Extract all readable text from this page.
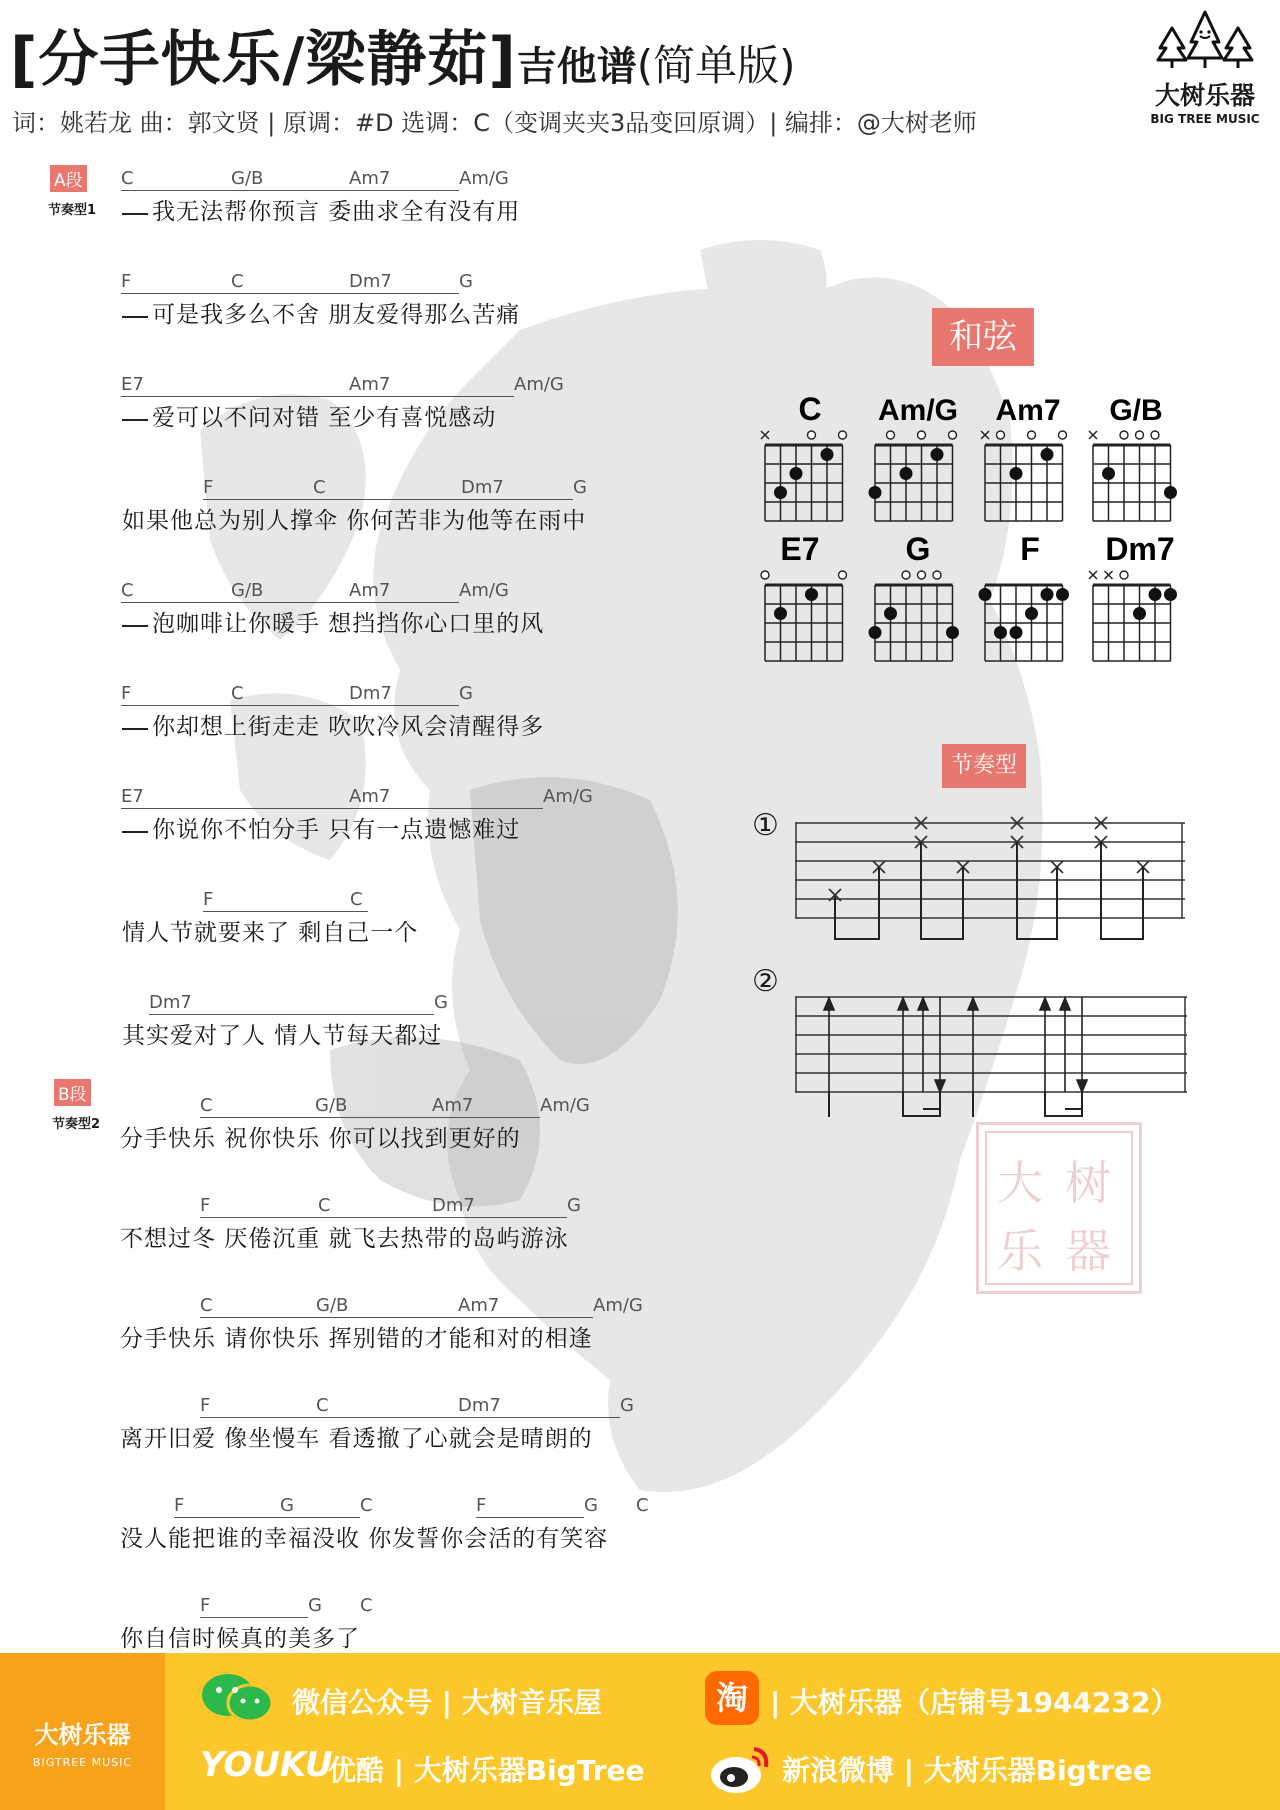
[分手快乐/梁静茹]吉他谱(简单版)
词：姚若龙 曲：郭文贤 | 原调：#D 选调：C（变调夹夹3品变回原调）| 编排：@大树老师
大树乐器
BIG TREE MUSIC
A段
节奏型1
B段
节奏型2
C	G/B	Am7	Am/G
我无法帮你预言 委曲求全有没有用
F	C	Dm7	G
可是我多么不舍 朋友爱得那么苦痛
E7	Am7	Am/G
爱可以不问对错 至少有喜悦感动
F	C	Dm7	G
如果他总为别人撑伞 你何苦非为他等在雨中
C	G/B	Am7	Am/G
泡咖啡让你暖手 想挡挡你心口里的风
F	C	Dm7	G
你却想上街走走 吹吹冷风会清醒得多
E7	Am7	Am/G
你说你不怕分手 只有一点遗憾难过
F	C
情人节就要来了 剩自己一个
Dm7	G
其实爱对了人 情人节每天都过
C	G/B	Am7	Am/G
分手快乐 祝你快乐 你可以找到更好的
F	C	Dm7	G
不想过冬 厌倦沉重 就飞去热带的岛屿游泳
C	G/B	Am7	Am/G
分手快乐 请你快乐 挥别错的才能和对的相逢
F	C	Dm7	G
离开旧爱 像坐慢车 看透撤了心就会是晴朗的
F	G	C	F	G C
没人能把谁的幸福没收 你发誓你会活的有笑容
F	G C
你自信时候真的美多了
和弦
C Am/G Am7 G/B
E7	G	F Dm7
节奏型
①
②
大 树
乐 器
大树乐器
BIGTREE MUSIC
微信公众号 | 大树音乐屋	淘 | 大树乐器（店铺号1944232）
YOUKU
优酷 | 大树乐器BigTree	新浪微博 | 大树乐器Bigtree
